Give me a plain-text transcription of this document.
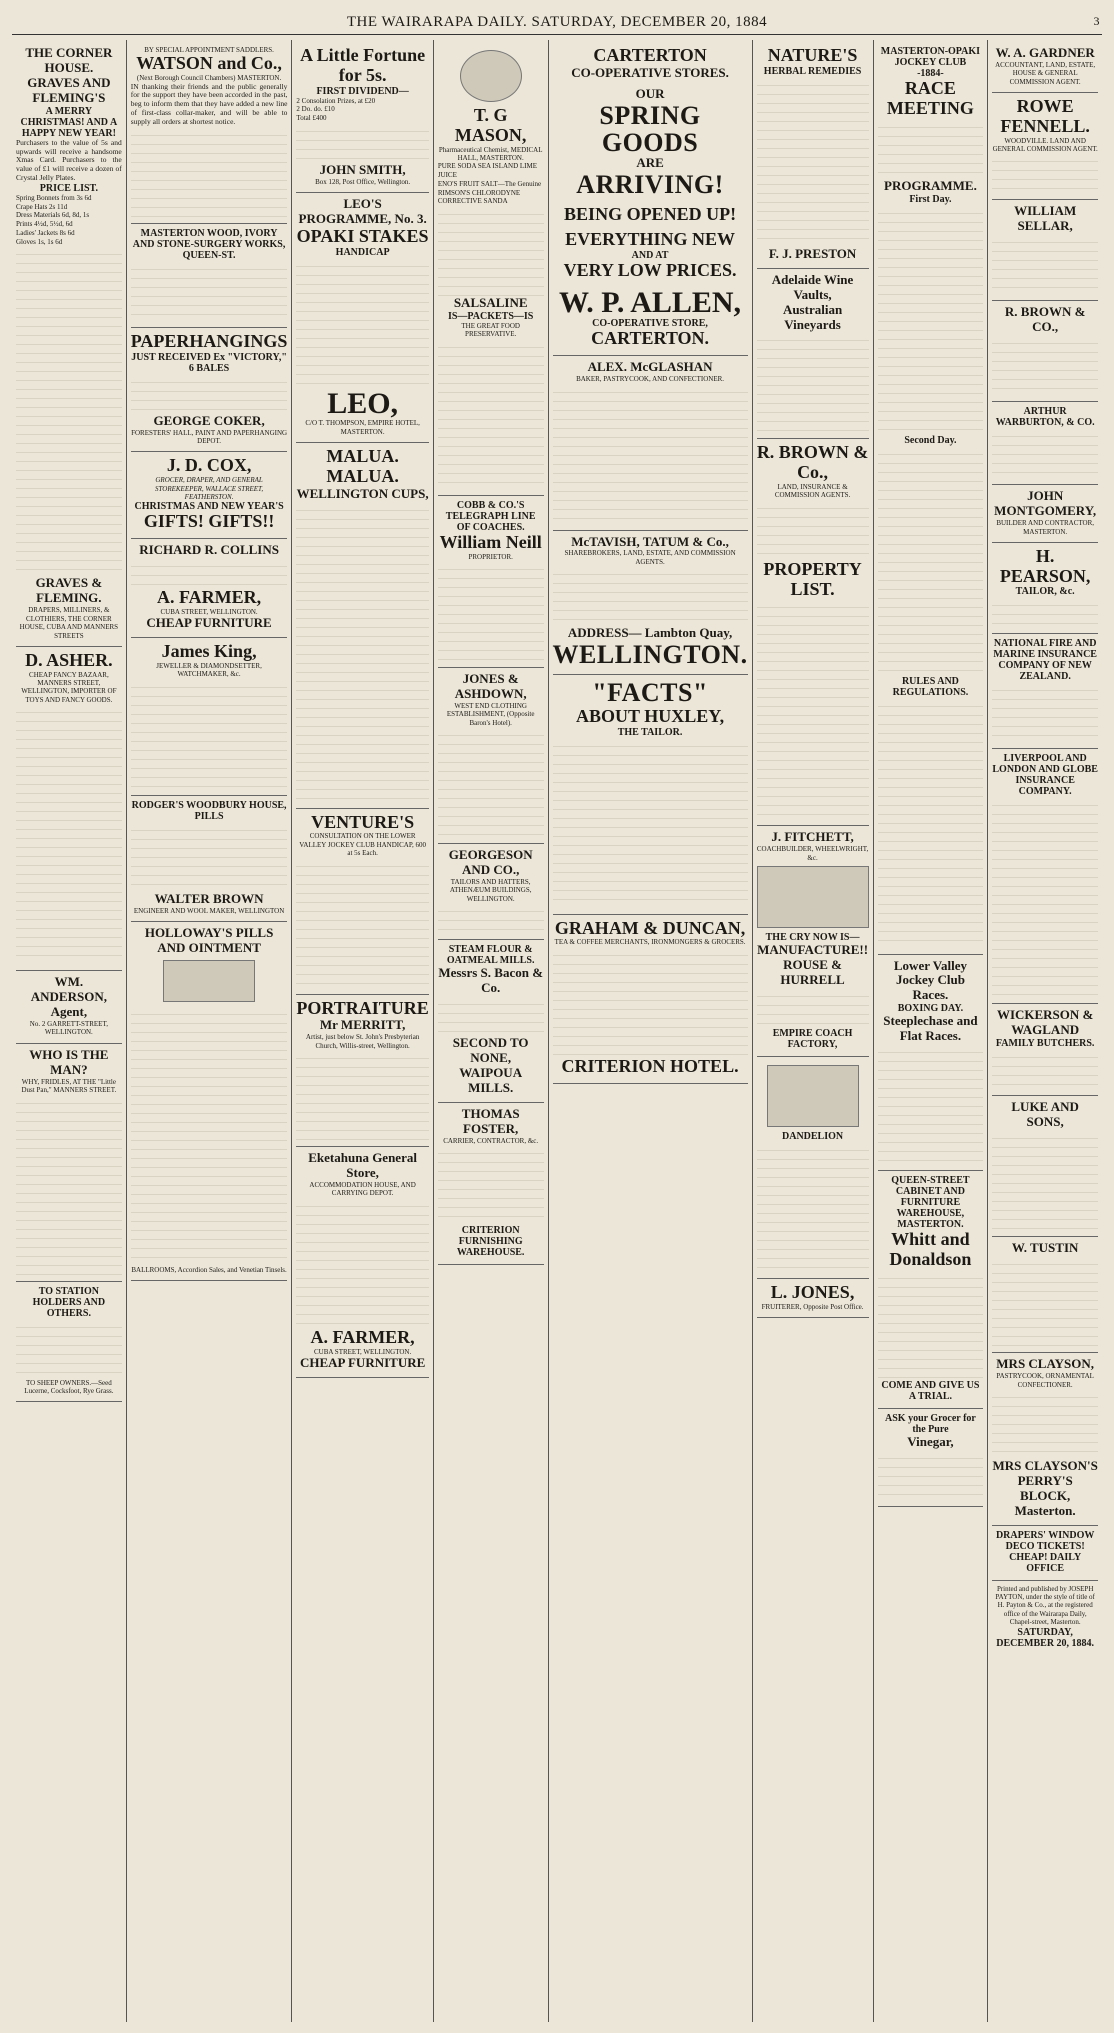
THE WAIRARAPA DAILY. SATURDAY, DECEMBER 20, 1884	3
THE CORNER HOUSE.
GRAVES AND FLEMING'S
A MERRY CHRISTMAS! AND A HAPPY NEW YEAR!
Purchasers to the value of 5s and upwards will receive a handsome Xmas Card. Purchasers to the value of £1 will receive a dozen of Crystal Jelly Plates.
PRICE LIST.
Spring Bonnets from 3s 6d
Crape Hats 2s 11d
Dress Materials 6d, 8d, 1s
Prints 4½d, 5½d, 6d
Ladies' Jackets 8s 6d
Gloves 1s, 1s 6d
GRAVES & FLEMING.
DRAPERS, MILLINERS, & CLOTHIERS, THE CORNER HOUSE, CUBA AND MANNERS STREETS
D. ASHER.
CHEAP FANCY BAZAAR, MANNERS STREET, WELLINGTON, IMPORTER OF TOYS AND FANCY GOODS.
WM. ANDERSON, Agent,
No. 2 GARRETT-STREET, WELLINGTON.
WHO IS THE MAN?
WHY, FRIDLES, AT THE "Little Dust Pan," MANNERS STREET.
TO STATION HOLDERS AND OTHERS.
TO SHEEP OWNERS.—Seed Lucerne, Cocksfoot, Rye Grass.
BY SPECIAL APPOINTMENT SADDLERS.
WATSON and Co.,
(Next Borough Council Chambers) MASTERTON.
IN thanking their friends and the public generally for the support they have been accorded in the past, beg to inform them that they have added a new line of first-class collar-maker, and will be able to supply all orders at shortest notice.
MASTERTON WOOD, IVORY AND STONE-SURGERY WORKS, QUEEN-ST.
PAPERHANGINGS
JUST RECEIVED Ex "VICTORY," 6 BALES
GEORGE COKER,
FORESTERS' HALL, PAINT AND PAPERHANGING DEPOT.
J. D. COX,
GROCER, DRAPER, AND GENERAL STOREKEEPER, WALLACE STREET, FEATHERSTON.
CHRISTMAS AND NEW YEAR'S
GIFTS! GIFTS!!
RICHARD R. COLLINS
A. FARMER,
CUBA STREET, WELLINGTON.
CHEAP FURNITURE
James King,
JEWELLER & DIAMONDSETTER, WATCHMAKER, &c.
RODGER'S WOODBURY HOUSE, PILLS
WALTER BROWN
ENGINEER AND WOOL MAKER, WELLINGTON
HOLLOWAY'S PILLS AND OINTMENT
BALLROOMS, Accordion Sales, and Venetian Tinsels.
A Little Fortune for 5s.
FIRST DIVIDEND—
2 Consolation Prizes, at £20
2 Do. do. £10
Total £400
JOHN SMITH,
Box 128, Post Office, Wellington.
LEO'S PROGRAMME, No. 3.
OPAKI STAKES
HANDICAP
LEO,
C/O T. THOMPSON, EMPIRE HOTEL, MASTERTON.
MALUA. MALUA.
WELLINGTON CUPS,
VENTURE'S
CONSULTATION ON THE LOWER VALLEY JOCKEY CLUB HANDICAP, 600 at 5s Each.
PORTRAITURE
Mr MERRITT,
Artist, just below St. John's Presbyterian Church, Willis-street, Wellington.
Eketahuna General Store,
ACCOMMODATION HOUSE, AND CARRYING DEPOT.
A. FARMER,
CUBA STREET, WELLINGTON.
CHEAP FURNITURE
T. G MASON,
Pharmaceutical Chemist, MEDICAL HALL, MASTERTON.
PURE SODA SEA ISLAND LIME JUICE
ENO'S FRUIT SALT—The Genuine
RIMSON'S CHLORODYNE
CORRECTIVE SANDA
SALSALINE
IS—PACKETS—IS
THE GREAT FOOD PRESERVATIVE.
COBB & CO.'S TELEGRAPH LINE OF COACHES.
William Neill
PROPRIETOR.
JONES & ASHDOWN,
WEST END CLOTHING ESTABLISHMENT, (Opposite Baron's Hotel).
GEORGESON AND CO.,
TAILORS AND HATTERS, ATHENÆUM BUILDINGS, WELLINGTON.
STEAM FLOUR & OATMEAL MILLS.
Messrs S. Bacon & Co.
SECOND TO NONE,
WAIPOUA MILLS.
THOMAS FOSTER,
CARRIER, CONTRACTOR, &c.
CRITERION FURNISHING WAREHOUSE.
CARTERTON
CO-OPERATIVE STORES.
OUR
SPRING GOODS
ARE
ARRIVING!
BEING OPENED UP!
EVERYTHING NEW
AND AT
VERY LOW PRICES.
W. P. ALLEN,
CO-OPERATIVE STORE,
CARTERTON.
ALEX. McGLASHAN
BAKER, PASTRYCOOK, AND CONFECTIONER.
McTAVISH, TATUM & Co.,
SHAREBROKERS, LAND, ESTATE, AND COMMISSION AGENTS.
ADDRESS— Lambton Quay,
WELLINGTON.
"FACTS"
ABOUT HUXLEY,
THE TAILOR.
GRAHAM & DUNCAN,
TEA & COFFEE MERCHANTS, IRONMONGERS & GROCERS.
CRITERION HOTEL.
NATURE'S
HERBAL REMEDIES
F. J. PRESTON
Adelaide Wine Vaults,
Australian Vineyards
R. BROWN & Co.,
LAND, INSURANCE & COMMISSION AGENTS.
PROPERTY LIST.
J. FITCHETT,
COACHBUILDER, WHEELWRIGHT, &c.
THE CRY NOW IS—
MANUFACTURE!!
ROUSE & HURRELL
EMPIRE COACH FACTORY,
DANDELION
L. JONES,
FRUITERER, Opposite Post Office.
MASTERTON-OPAKI JOCKEY CLUB
-1884-
RACE MEETING
PROGRAMME.
First Day.
Second Day.
RULES AND REGULATIONS.
Lower Valley Jockey Club Races.
BOXING DAY.
Steeplechase and Flat Races.
QUEEN-STREET CABINET AND FURNITURE WAREHOUSE, MASTERTON.
Whitt and Donaldson
COME AND GIVE US A TRIAL.
ASK your Grocer for the Pure
Vinegar,
W. A. GARDNER
ACCOUNTANT, LAND, ESTATE, HOUSE & GENERAL COMMISSION AGENT.
ROWE FENNELL.
WOODVILLE. LAND AND GENERAL COMMISSION AGENT.
WILLIAM SELLAR,
R. BROWN & CO.,
ARTHUR WARBURTON, & CO.
JOHN MONTGOMERY,
BUILDER AND CONTRACTOR, MASTERTON.
H. PEARSON,
TAILOR, &c.
NATIONAL FIRE AND MARINE INSURANCE COMPANY OF NEW ZEALAND.
LIVERPOOL AND LONDON AND GLOBE INSURANCE COMPANY.
WICKERSON & WAGLAND
FAMILY BUTCHERS.
LUKE AND SONS,
W. TUSTIN
MRS CLAYSON,
PASTRYCOOK, ORNAMENTAL CONFECTIONER.
MRS CLAYSON'S PERRY'S BLOCK, Masterton.
DRAPERS' WINDOW DECO TICKETS! CHEAP! DAILY OFFICE
Printed and published by JOSEPH PAYTON, under the style of title of H. Payton & Co., at the registered office of the Wairarapa Daily, Chapel-street, Masterton.
SATURDAY, DECEMBER 20, 1884.
